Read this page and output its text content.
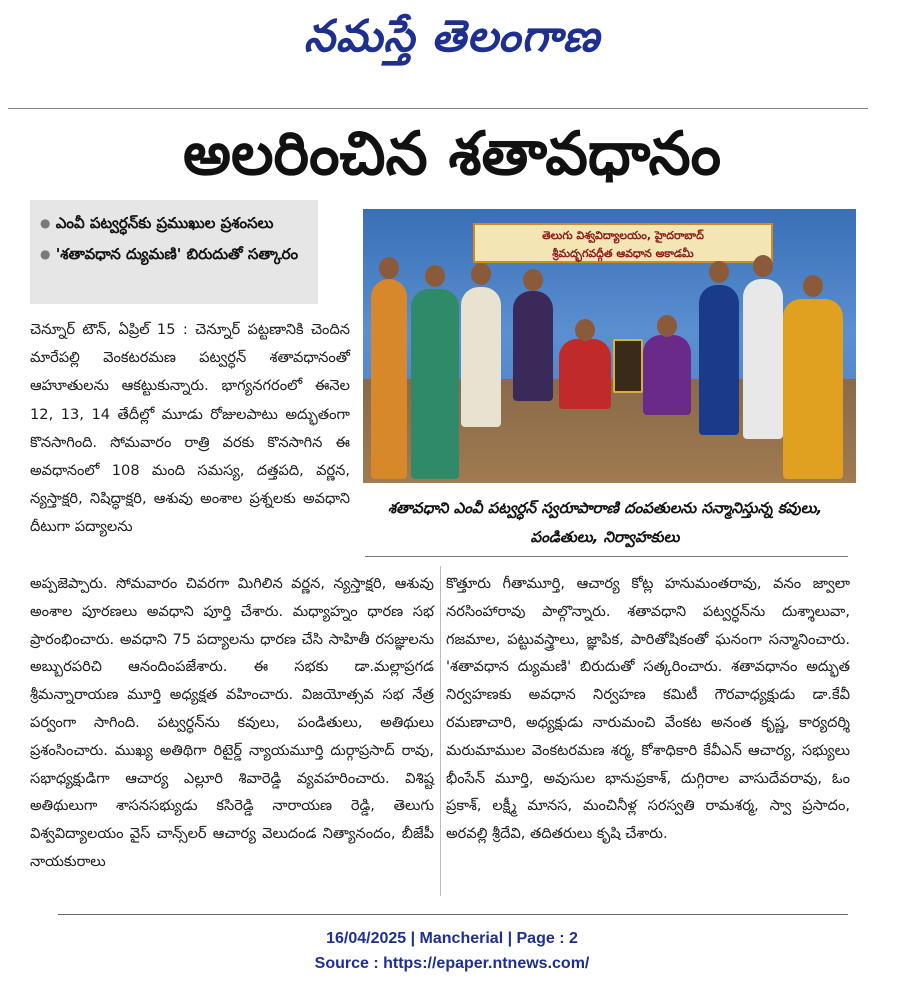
నమస్తే తెలంగాణ
అలరించిన శతావధానం

● ఎంవీ పట్వర్ధన్‌కు ప్రముఖుల ప్రశంసలు

● 'శతావధాన ద్యుమణి' బిరుదుతో సత్కారం

తెలుగు విశ్వవిద్యాలయం, హైదరాబాద్
శ్రీమద్భగవద్గీత ఆవధాన అకాడమీ
శతావధాని ఎంవీ పట్వర్ధన్ స్వరూపారాణి దంపతులను సన్మానిస్తున్న కవులు, పండితులు, నిర్వాహకులు
చెన్నూర్ టౌన్, ఏప్రిల్ 15 : చెన్నూర్ పట్టణానికి చెందిన మారేపల్లి వెంకటరమణ పట్వర్ధన్ శతావధానంతో ఆహూతులను ఆకట్టుకున్నారు. భాగ్యనగరంలో ఈనెల 12, 13, 14 తేదీల్లో మూడు రోజులపాటు అద్భుతంగా కొనసాగింది. సోమవారం రాత్రి వరకు కొనసాగిన ఈ అవధానంలో 108 మంది సమస్య, దత్తపది, వర్ణన, న్యస్తాక్షరి, నిషిద్ధాక్షరి, ఆశువు అంశాల ప్రశ్నలకు అవధాని దీటుగా పద్యాలను
అప్పజెప్పారు. సోమవారం చివరగా మిగిలిన వర్ణన, న్యస్తాక్షరి, ఆశువు అంశాల పూరణలు అవధాని పూర్తి చేశారు. మధ్యాహ్నం ధారణ సభ ప్రారంభించారు. అవధాని 75 పద్యాలను ధారణ చేసి సాహితీ రసజ్ఞులను అబ్బురపరిచి ఆనందింపజేశారు. ఈ సభకు డా.మల్లాప్రగడ శ్రీమన్నారాయణ మూర్తి అధ్యక్షత వహించారు. విజయోత్సవ సభ నేత్ర పర్వంగా సాగింది. పట్వర్ధన్‌ను కవులు, పండితులు, అతిథులు ప్రశంసించారు. ముఖ్య అతిథిగా రిటైర్డ్ న్యాయమూర్తి దుర్గాప్రసాద్ రావు, సభాధ్యక్షుడిగా ఆచార్య ఎల్లూరి శివారెడ్డి వ్యవహరించారు. విశిష్ట అతిథులుగా శాసనసభ్యుడు కసిరెడ్డి నారాయణ రెడ్డి, తెలుగు విశ్వవిద్యాలయం వైస్ చాన్స్‌లర్ ఆచార్య వెలుదండ నిత్యానందం, బీజేపీ నాయకురాలు
కొత్తూరు గీతామూర్తి, ఆచార్య కోట్ల హనుమంతరావు, వనం జ్వాలా నరసింహారావు పాల్గొన్నారు. శతావధాని పట్వర్ధన్‌ను దుశ్శాలువా, గజమాల, పట్టువస్త్రాలు, జ్ఞాపిక, పారితోషికంతో ఘనంగా సన్మానించారు. 'శతావధాన ద్యుమణి' బిరుదుతో సత్కరించారు. శతావధానం అద్భుత నిర్వహణకు అవధాన నిర్వహణ కమిటీ గౌరవాధ్యక్షుడు డా.కేవీ రమణాచారి, అధ్యక్షుడు నారుమంచి వేంకట అనంత కృష్ణ, కార్యదర్శి మరుమాముల వెంకటరమణ శర్మ, కోశాధికారి కేవీఎన్ ఆచార్య, సభ్యులు భీంసేన్ మూర్తి, అవుసుల భానుప్రకాశ్, దుగ్గిరాల వాసుదేవరావు, ఓం ప్రకాశ్, లక్ష్మీ మానస, మంచినీళ్ల సరస్వతి రామశర్మ, స్వా ప్రసాదం, అరవల్లి శ్రీదేవి, తదితరులు కృషి చేశారు.
16/04/2025 | Mancherial | Page : 2
Source : https://epaper.ntnews.com/
